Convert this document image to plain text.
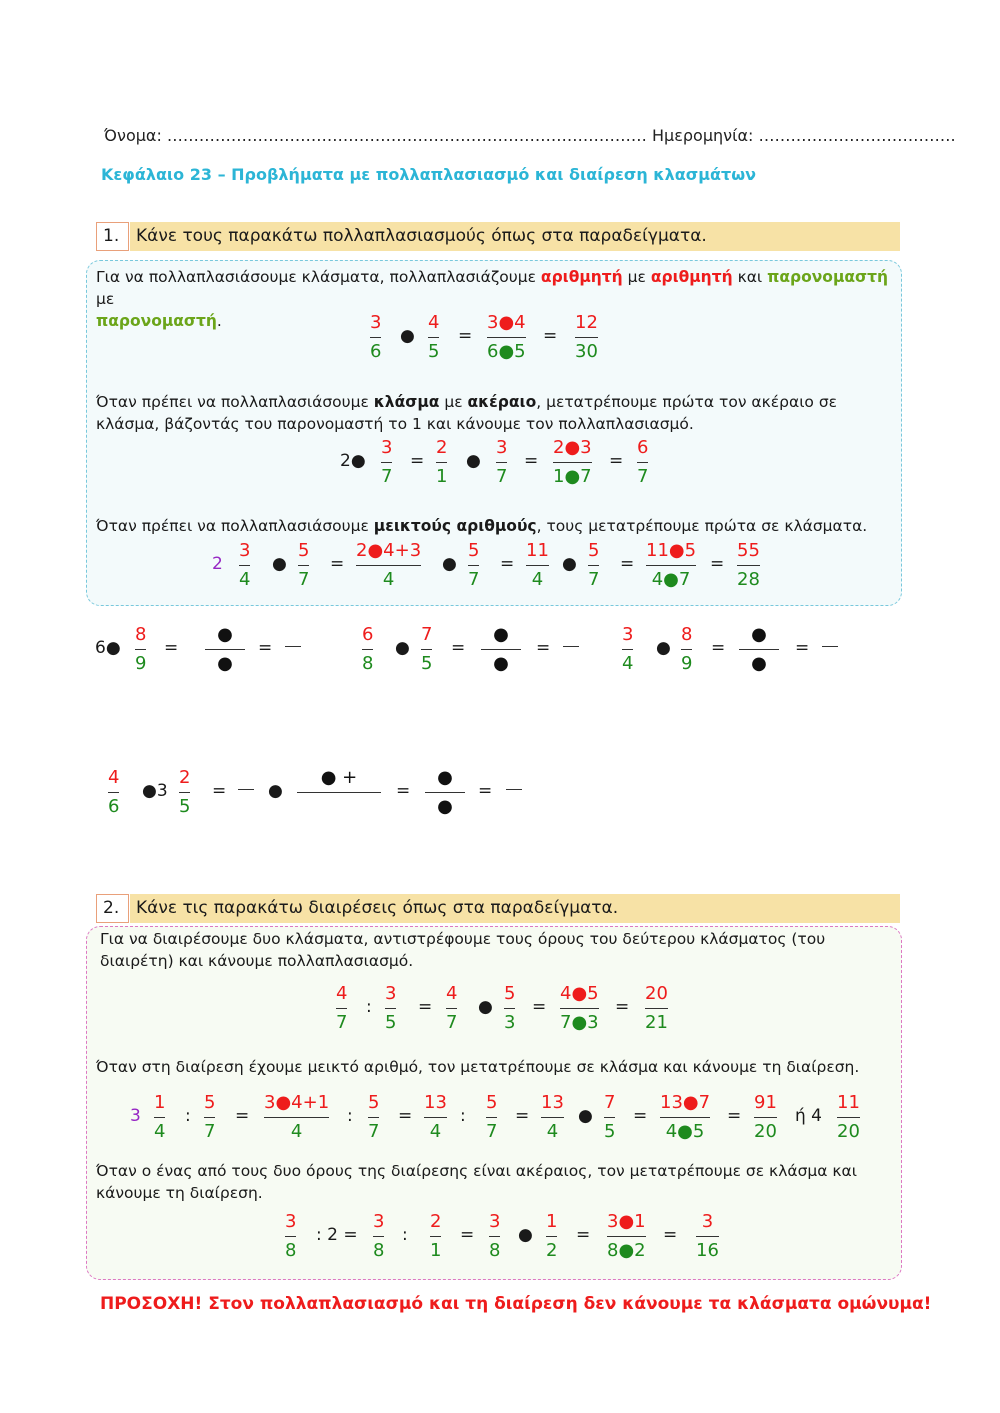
Όνομα: ……………………………………………………………………………… Ημερομηνία: ……………………………….
Κεφάλαιο 23 – Προβλήματα με πολλαπλασιασμό και διαίρεση κλασμάτων
1. Κάνε τους παρακάτω πολλαπλασιασμούς όπως στα παραδείγματα.
Για να πολλαπλασιάσουμε κλάσματα, πολλαπλασιάζουμε αριθμητή με αριθμητή και παρονομαστή με
παρονομαστή.
Όταν πρέπει να πολλαπλασιάσουμε κλάσμα με ακέραιο, μετατρέπουμε πρώτα τον ακέραιο σε
κλάσμα, βάζοντάς του παρονομαστή το 1 και κάνουμε τον πολλαπλασιασμό.
Όταν πρέπει να πολλαπλασιάσουμε μεικτούς αριθμούς, τους μετατρέπουμε πρώτα σε κλάσματα.
2. Κάνε τις παρακάτω διαιρέσεις όπως στα παραδείγματα.
Για να διαιρέσουμε δυο κλάσματα, αντιστρέφουμε τους όρους του δεύτερου κλάσματος (του
διαιρέτη) και κάνουμε πολλαπλασιασμό.
Όταν στη διαίρεση έχουμε μεικτό αριθμό, τον μετατρέπουμε σε κλάσμα και κάνουμε τη διαίρεση.
Όταν ο ένας από τους δυο όρους της διαίρεσης είναι ακέραιος, τον μετατρέπουμε σε κλάσμα και
κάνουμε τη διαίρεση.
ΠΡΟΣΟΧΗ! Στον πολλαπλασιασμό και τη διαίρεση δεν κάνουμε τα κλάσματα ομώνυμα!
3
6
●
4
5
=
3●4
6●5
=
12
30
2●
3
7
=
2
1
●
3
7
=
2●3
1●7
=
6
7
2
3
4
●
5
7
=
2●4+3
4
●
5
7
=
11
4
●
5
7
=
11●5
4●7
=
55
28
6●
8
9
=
●
●
=
6
8
●
7
5
=
●
●
=
3
4
●
8
9
=
●
●
=
4
6
●3
2
5
= ●
● +

=
●
●
=
4
7
:
3
5
=
4
7
●
5
3
=
4●5
7●3
=
20
21
3
1
4
:
5
7
=
3●4+1
4
:
5
7
=
13
4
:
5
7
=
13
4
●
7
5
=
13●7
4●5
=
91
20
ή 4
11
20
3
8
: 2 =
3
8
:
2
1
=
3
8
●
1
2
=
3●1
8●2
=
3
16
